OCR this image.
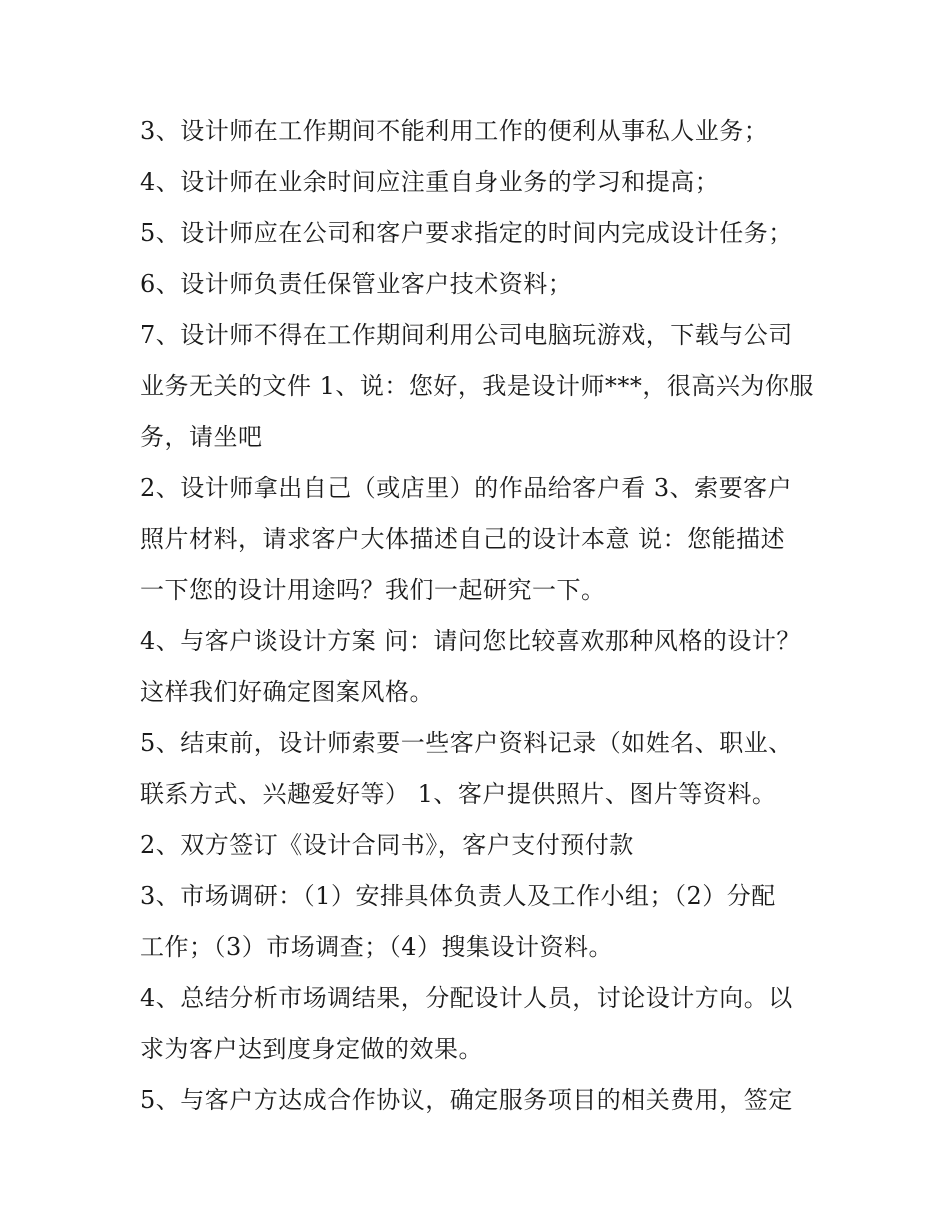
3、设计师在工作期间不能利用工作的便利从事私人业务；
4、设计师在业余时间应注重自身业务的学习和提高；
5、设计师应在公司和客户要求指定的时间内完成设计任务；
6、设计师负责任保管业客户技术资料；
7、设计师不得在工作期间利用公司电脑玩游戏，下载与公司
业务无关的文件 1、说：您好，我是设计师***，很高兴为你服
务，请坐吧
2、设计师拿出自己（或店里）的作品给客户看 3、索要客户
照片材料，请求客户大体描述自己的设计本意 说：您能描述
一下您的设计用途吗？我们一起研究一下。
4、与客户谈设计方案 问：请问您比较喜欢那种风格的设计？
这样我们好确定图案风格。
5、结束前，设计师索要一些客户资料记录（如姓名、职业、
联系方式、兴趣爱好等） 1、客户提供照片、图片等资料。
2、双方签订《设计合同书》，客户支付预付款
3、市场调研：（1）安排具体负责人及工作小组；（2）分配
工作；（3）市场调查；（4）搜集设计资料。
4、总结分析市场调结果，分配设计人员，讨论设计方向。以
求为客户达到度身定做的效果。
5、与客户方达成合作协议，确定服务项目的相关费用，签定
